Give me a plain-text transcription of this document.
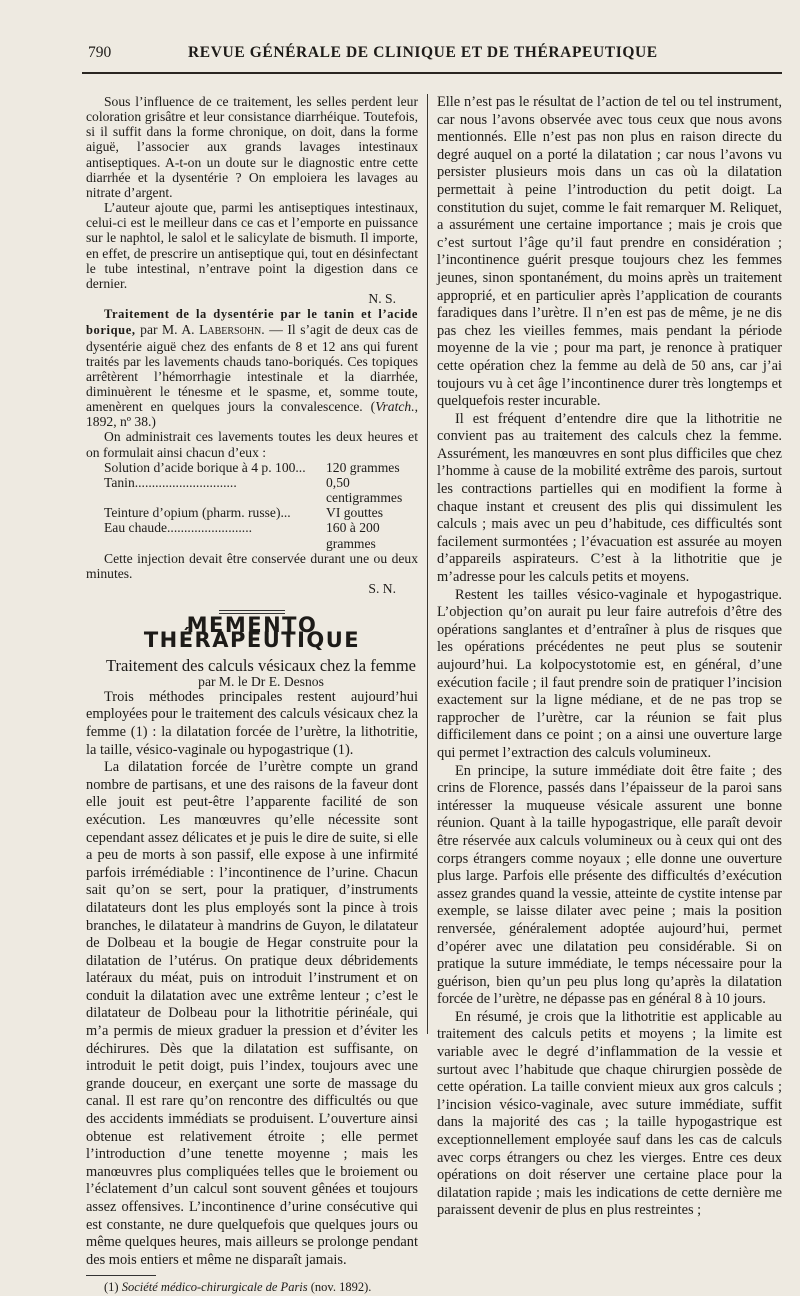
790	REVUE GÉNÉRALE DE CLINIQUE ET DE THÉRAPEUTIQUE

Sous l’influence de ce traitement, les selles perdent leur coloration grisâtre et leur consistance diarrhéique. Toutefois, si il suffit dans la forme chronique, on doit, dans la forme aiguë, l’associer aux grands lavages intestinaux antiseptiques. A-t-on un doute sur le diagnostic entre cette diarrhée et la dysentérie ? On emploiera les lavages au nitrate d’argent.

L’auteur ajoute que, parmi les antiseptiques intestinaux, celui-ci est le meilleur dans ce cas et l’emporte en puissance sur le naphtol, le salol et le salicylate de bismuth. Il importe, en effet, de prescrire un antiseptique qui, tout en désinfectant le tube intestinal, n’entrave point la digestion dans ce dernier.

N. S.

Traitement de la dysentérie par le tanin et l’acide borique, par M. A. Labersohn. — Il s’agit de deux cas de dysentérie aiguë chez des enfants de 8 et 12 ans qui furent traités par les lavements chauds tano-boriqués. Ces topiques arrêtèrent l’hémorrhagie intestinale et la diarrhée, diminuèrent le ténesme et le spasme, et, somme toute, amenèrent en quelques jours la convalescence. (Vratch., 1892, nº 38.)

On administrait ces lavements toutes les deux heures et on formulait ainsi chacun d’eux :

Solution d’acide borique à 4 p. 100... 120 grammes
Tanin..............................	0,50 centigrammes
Teinture d’opium (pharm. russe)...	VI gouttes
Eau chaude.........................	160 à 200 grammes

Cette injection devait être conservée durant une ou deux minutes.

S. N.
MEMENTO THÉRAPEUTIQUE

Traitement des calculs vésicaux chez la femme

par M. le Dr E. Desnos

Trois méthodes principales restent aujourd’hui employées pour le traitement des calculs vésicaux chez la femme (1) : la dilatation forcée de l’urètre, la lithotritie, la taille, vésico-vaginale ou hypogastrique (1).

La dilatation forcée de l’urètre compte un grand nombre de partisans, et une des raisons de la faveur dont elle jouit est peut-être l’apparente facilité de son exécution. Les manœuvres qu’elle nécessite sont cependant assez délicates et je puis le dire de suite, si elle a peu de morts à son passif, elle expose à une infirmité parfois irrémédiable : l’incontinence de l’urine. Chacun sait qu’on se sert, pour la pratiquer, d’instruments dilatateurs dont les plus employés sont la pince à trois branches, le dilatateur à mandrins de Guyon, le dilatateur de Dolbeau et la bougie de Hegar construite pour la dilatation de l’utérus. On pratique deux débridements latéraux du méat, puis on introduit l’instrument et on conduit la dilatation avec une extrême lenteur ; c’est le dilatateur de Dolbeau pour la lithotritie périnéale, qui m’a permis de mieux graduer la pression et d’éviter les déchirures. Dès que la dilatation est suffisante, on introduit le petit doigt, puis l’index, toujours avec une grande douceur, en exerçant une sorte de massage du canal. Il est rare qu’on rencontre des difficultés ou que des accidents immédiats se produisent. L’ouverture ainsi obtenue est relativement étroite ; elle permet l’introduction d’une tenette moyenne ; mais les manœuvres plus compliquées telles que le broiement ou l’éclatement d’un calcul sont souvent gênées et toujours assez offensives. L’incontinence d’urine consécutive qui est constante, ne dure quelquefois que quelques jours ou même quelques heures, mais ailleurs se prolonge pendant des mois entiers et même ne disparaît jamais.

(1) Société médico-chirurgicale de Paris (nov. 1892).

Elle n’est pas le résultat de l’action de tel ou tel instrument, car nous l’avons observée avec tous ceux que nous avons mentionnés. Elle n’est pas non plus en raison directe du degré auquel on a porté la dilatation ; car nous l’avons vu persister plusieurs mois dans un cas où la dilatation permettait à peine l’introduction du petit doigt. La constitution du sujet, comme le fait remarquer M. Reliquet, a assurément une certaine importance ; mais je crois que c’est surtout l’âge qu’il faut prendre en considération ; l’incontinence guérit presque toujours chez les femmes jeunes, sinon spontanément, du moins après un traitement approprié, et en particulier après l’application de courants faradiques dans l’urètre. Il n’en est pas de même, je ne dis pas chez les vieilles femmes, mais pendant la période moyenne de la vie ; pour ma part, je renonce à pratiquer cette opération chez la femme au delà de 50 ans, car j’ai toujours vu à cet âge l’incontinence durer très longtemps et quelquefois rester incurable.

Il est fréquent d’entendre dire que la lithotritie ne convient pas au traitement des calculs chez la femme. Assurément, les manœuvres en sont plus difficiles que chez l’homme à cause de la mobilité extrême des parois, surtout les contractions partielles qui en modifient la forme à chaque instant et creusent des plis qui dissimulent les calculs ; mais avec un peu d’habitude, ces difficultés sont facilement surmontées ; l’évacuation est assurée au moyen d’appareils aspirateurs. C’est à la lithotritie que je m’adresse pour les calculs petits et moyens.

Restent les tailles vésico-vaginale et hypogastrique. L’objection qu’on aurait pu leur faire autrefois d’être des opérations sanglantes et d’entraîner à plus de risques que les opérations précédentes ne peut plus se soutenir aujourd’hui. La kolpocystotomie est, en général, d’une exécution facile ; il faut prendre soin de pratiquer l’incision exactement sur la ligne médiane, et de ne pas trop se rapprocher de l’urètre, car la réunion se fait plus difficilement dans ce point ; on a ainsi une ouverture large qui permet l’extraction des calculs volumineux.

En principe, la suture immédiate doit être faite ; des crins de Florence, passés dans l’épaisseur de la paroi sans intéresser la muqueuse vésicale assurent une bonne réunion. Quant à la taille hypogastrique, elle paraît devoir être réservée aux calculs volumineux ou à ceux qui ont des corps étrangers comme noyaux ; elle donne une ouverture plus large. Parfois elle présente des difficultés d’exécution assez grandes quand la vessie, atteinte de cystite intense par exemple, se laisse dilater avec peine ; mais la position renversée, généralement adoptée aujourd’hui, permet d’opérer avec une dilatation peu considérable. Si on pratique la suture immédiate, le temps nécessaire pour la guérison, bien qu’un peu plus long qu’après la dilatation forcée de l’urètre, ne dépasse pas en général 8 à 10 jours.

En résumé, je crois que la lithotritie est applicable au traitement des calculs petits et moyens ; la limite est variable avec le degré d’inflammation de la vessie et surtout avec l’habitude que chaque chirurgien possède de cette opération. La taille convient mieux aux gros calculs ; l’incision vésico-vaginale, avec suture immédiate, suffit dans la majorité des cas ; la taille hypogastrique est exceptionnellement employée sauf dans les cas de calculs avec corps étrangers ou chez les vierges. Entre ces deux opérations on doit réserver une certaine place pour la dilatation rapide ; mais les indications de cette dernière me paraissent devenir de plus en plus restreintes ;
